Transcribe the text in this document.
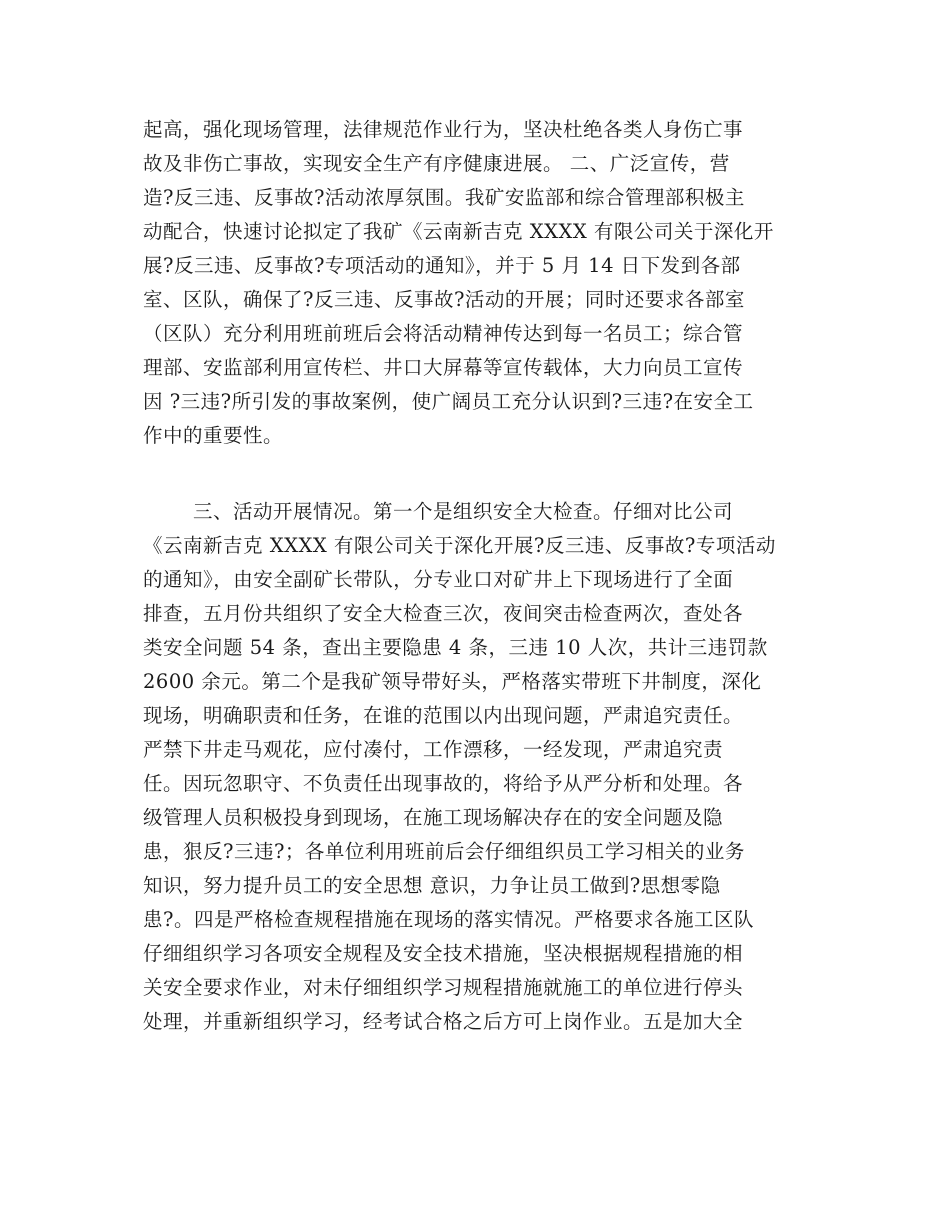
起高，强化现场管理，法律规范作业行为，坚决杜绝各类人身伤亡事
故及非伤亡事故，实现安全生产有序健康进展。 二、广泛宣传，营
造?反三违、反事故?活动浓厚氛围。我矿安监部和综合管理部积极主
动配合，快速讨论拟定了我矿《云南新吉克 XXXX 有限公司关于深化开
展?反三违、反事故?专项活动的通知》，并于 5 月 14 日下发到各部
室、区队，确保了?反三违、反事故?活动的开展；同时还要求各部室
（区队）充分利用班前班后会将活动精神传达到每一名员工；综合管
理部、安监部利用宣传栏、井口大屏幕等宣传载体，大力向员工宣传
因 ?三违?所引发的事故案例，使广阔员工充分认识到?三违?在安全工
作中的重要性。
三、活动开展情况。第一个是组织安全大检查。仔细对比公司
《云南新吉克 XXXX 有限公司关于深化开展?反三违、反事故?专项活动
的通知》，由安全副矿长带队，分专业口对矿井上下现场进行了全面
排查，五月份共组织了安全大检查三次，夜间突击检查两次，查处各
类安全问题 54 条，查出主要隐患 4 条，三违 10 人次，共计三违罚款
2600 余元。第二个是我矿领导带好头，严格落实带班下井制度，深化
现场，明确职责和任务，在谁的范围以内出现问题，严肃追究责任。
严禁下井走马观花，应付凑付，工作漂移，一经发现，严肃追究责
任。因玩忽职守、不负责任出现事故的，将给予从严分析和处理。各
级管理人员积极投身到现场，在施工现场解决存在的安全问题及隐
患，狠反?三违?；各单位利用班前后会仔细组织员工学习相关的业务
知识，努力提升员工的安全思想 意识，力争让员工做到?思想零隐
患?。四是严格检查规程措施在现场的落实情况。严格要求各施工区队
仔细组织学习各项安全规程及安全技术措施，坚决根据规程措施的相
关安全要求作业，对未仔细组织学习规程措施就施工的单位进行停头
处理，并重新组织学习，经考试合格之后方可上岗作业。五是加大全
